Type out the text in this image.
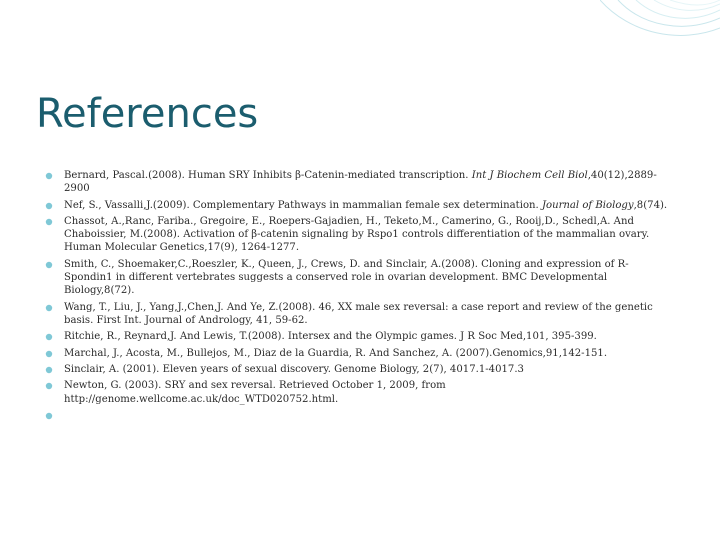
References
Bernard, Pascal.(2008). Human SRY Inhibits β-Catenin-mediated transcription. Int J Biochem Cell Biol,40(12),2889-2900
Nef, S., Vassalli,J.(2009). Complementary Pathways in mammalian female sex determination. Journal of Biology,8(74).
Chassot, A.,Ranc, Fariba., Gregoire, E., Roepers-Gajadien, H., Teketo,M., Camerino, G., Rooij,D., Schedl,A. And Chaboissier, M.(2008). Activation of β-catenin signaling by Rspo1 controls differentiation of the mammalian ovary. Human Molecular Genetics,17(9), 1264-1277.
Smith, C., Shoemaker,C.,Roeszler, K., Queen, J., Crews, D. and Sinclair, A.(2008). Cloning and expression of R-Spondin1 in different vertebrates suggests a conserved role in ovarian development. BMC Developmental Biology,8(72).
Wang, T., Liu, J., Yang,J.,Chen,J. And Ye, Z.(2008). 46, XX male sex reversal: a case report and review of the genetic basis. First Int. Journal of Andrology, 41, 59-62.
Ritchie, R., Reynard,J. And Lewis, T.(2008). Intersex and the Olympic games. J R Soc Med,101, 395-399.
Marchal, J., Acosta, M., Bullejos, M., Diaz de la Guardia, R. And Sanchez, A. (2007).Genomics,91,142-151.
Sinclair, A. (2001). Eleven years of sexual discovery. Genome Biology, 2(7), 4017.1-4017.3
Newton, G. (2003). SRY and sex reversal. Retrieved October 1, 2009, from http://genome.wellcome.ac.uk/doc_WTD020752.html.
